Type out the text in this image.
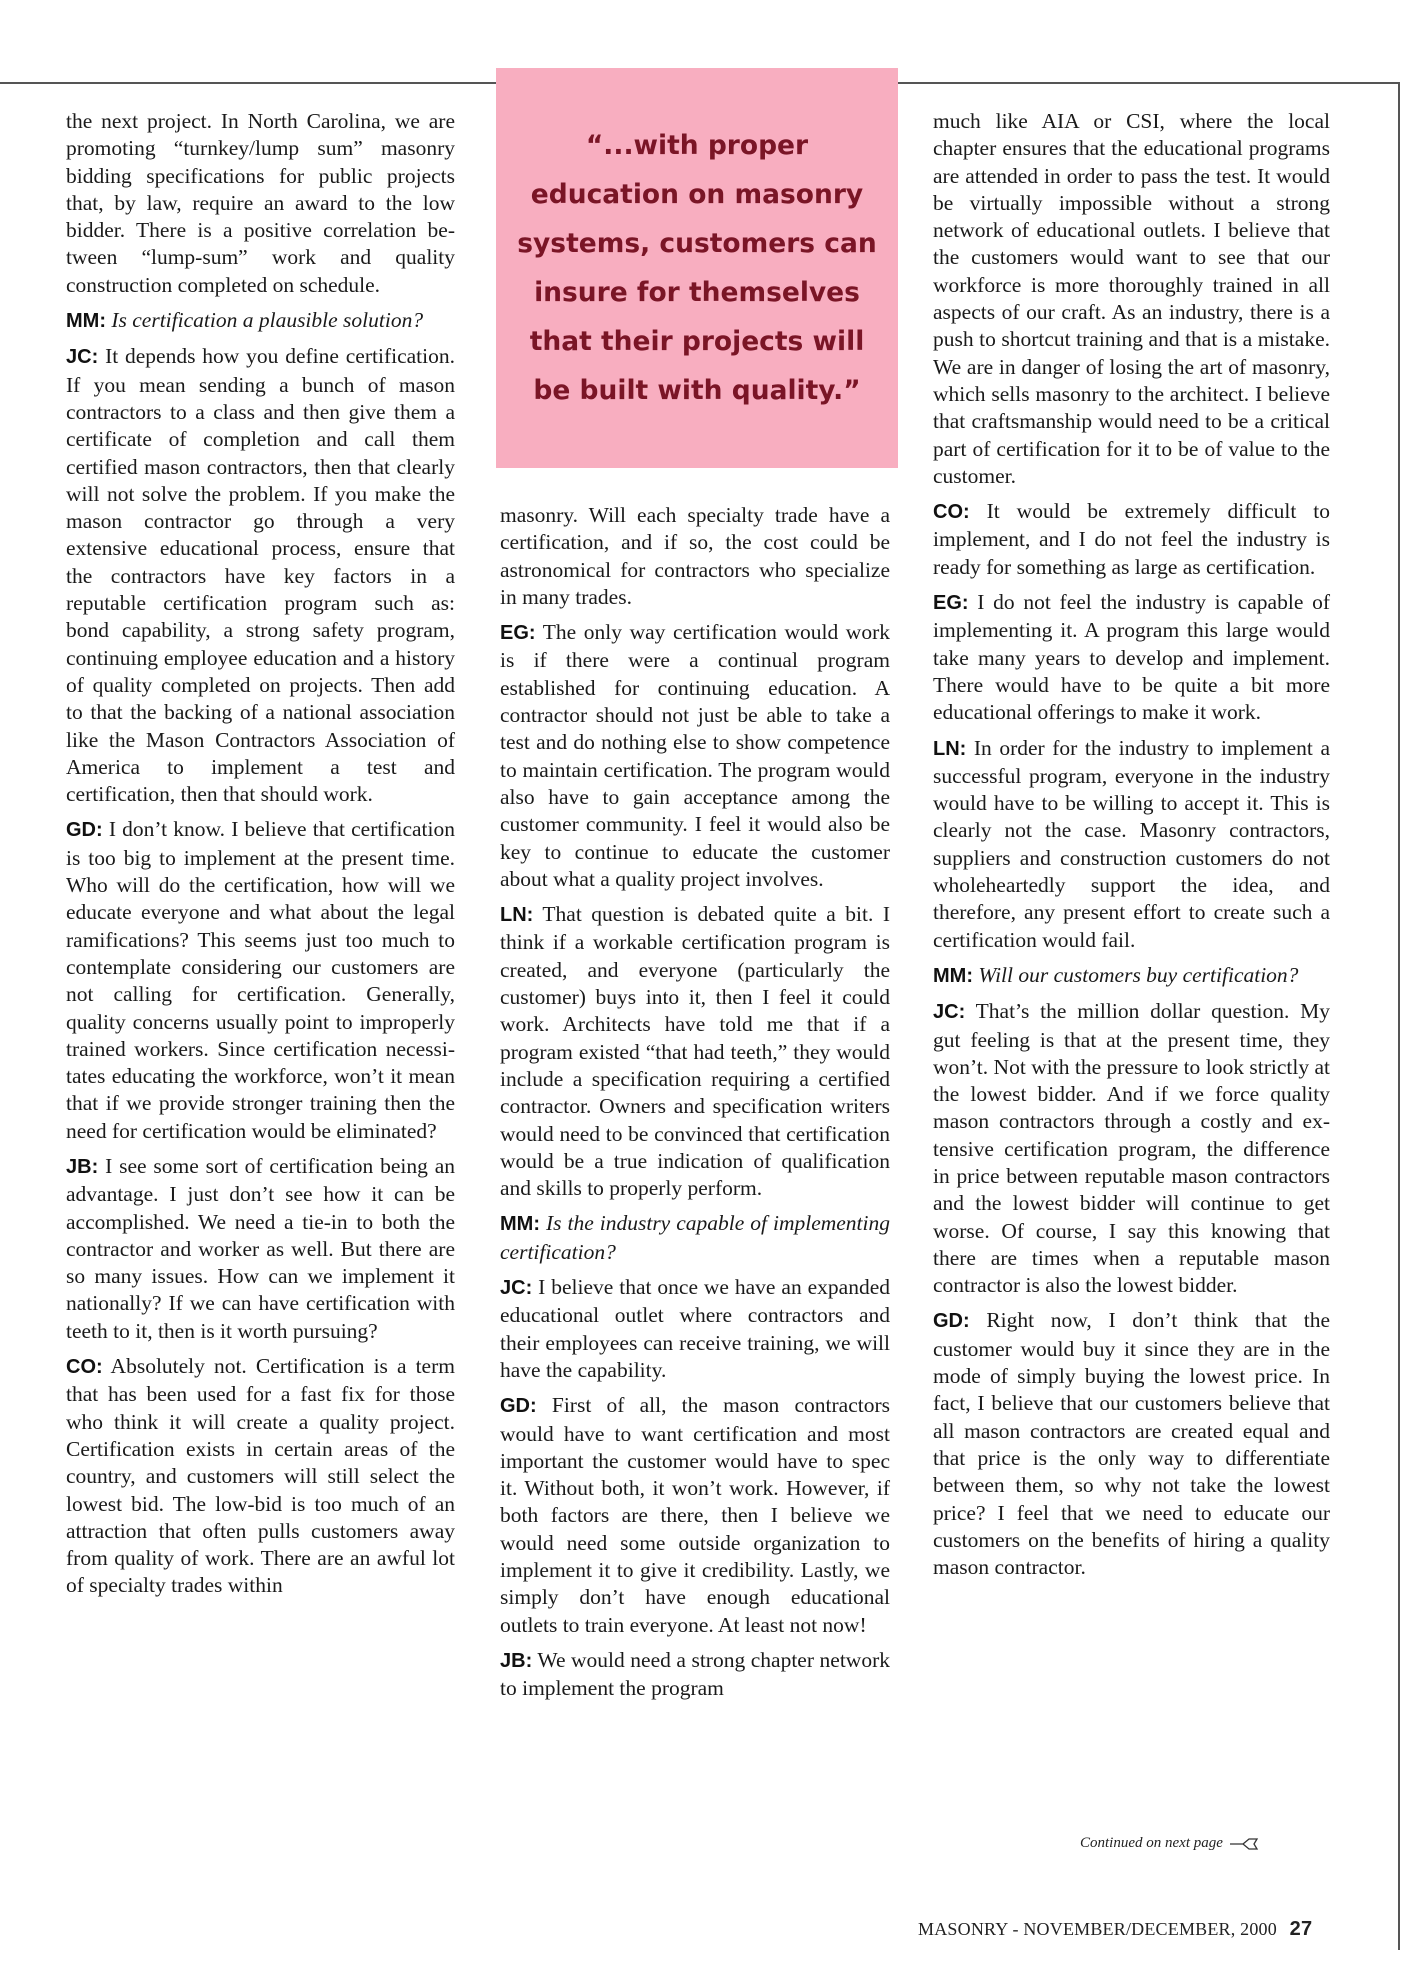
the next project. In North Carolina, we are promoting “turnkey/lump sum” masonry bidding specifications for public projects that, by law, require an award to the low bidder. There is a positive correlation between “lump-sum” work and quality construction completed on schedule.

MM: Is certification a plausible solution?

JC: It depends how you define certification. If you mean sending a bunch of mason contractors to a class and then give them a certificate of completion and call them certified mason contractors, then that clearly will not solve the problem. If you make the mason contractor go through a very extensive educational process, ensure that the contractors have key factors in a reputable certification program such as: bond capability, a strong safety program, continuing employee education and a history of quality completed on projects. Then add to that the backing of a national association like the Mason Contractors Association of America to implement a test and certification, then that should work.

GD: I don’t know. I believe that certification is too big to implement at the present time. Who will do the certification, how will we educate everyone and what about the legal ramifications? This seems just too much to contemplate considering our customers are not calling for certification. Generally, quality concerns usually point to improperly trained workers. Since certification necessitates educating the workforce, won’t it mean that if we provide stronger training then the need for certification would be eliminated?

JB: I see some sort of certification being an advantage. I just don’t see how it can be accomplished. We need a tie-in to both the contractor and worker as well. But there are so many issues. How can we implement it nationally? If we can have certification with teeth to it, then is it worth pursuing?

CO: Absolutely not. Certification is a term that has been used for a fast fix for those who think it will create a quality project. Certification exists in certain areas of the country, and customers will still select the lowest bid. The low-bid is too much of an attraction that often pulls customers away from quality of work. There are an awful lot of specialty trades within

“...with proper education on masonry systems, customers can insure for themselves that their projects will be built with quality.”

masonry. Will each specialty trade have a certification, and if so, the cost could be astronomical for contractors who specialize in many trades.

EG: The only way certification would work is if there were a continual program established for continuing education. A contractor should not just be able to take a test and do nothing else to show competence to maintain certification. The program would also have to gain acceptance among the customer community. I feel it would also be key to continue to educate the customer about what a quality project involves.

LN: That question is debated quite a bit. I think if a workable certification program is created, and everyone (particularly the customer) buys into it, then I feel it could work. Architects have told me that if a program existed “that had teeth,” they would include a specification requiring a certified contractor. Owners and specification writers would need to be convinced that certification would be a true indication of qualification and skills to properly perform.

MM: Is the industry capable of implementing certification?

JC: I believe that once we have an expanded educational outlet where contractors and their employees can receive training, we will have the capability.

GD: First of all, the mason contractors would have to want certification and most important the customer would have to spec it. Without both, it won’t work. However, if both factors are there, then I believe we would need some outside organization to implement it to give it credibility. Lastly, we simply don’t have enough educational outlets to train everyone. At least not now!

JB: We would need a strong chapter network to implement the program

much like AIA or CSI, where the local chapter ensures that the educational programs are attended in order to pass the test. It would be virtually impossible without a strong network of educational outlets. I believe that the customers would want to see that our workforce is more thoroughly trained in all aspects of our craft. As an industry, there is a push to shortcut training and that is a mistake. We are in danger of losing the art of masonry, which sells masonry to the architect. I believe that craftsmanship would need to be a critical part of certification for it to be of value to the customer.

CO: It would be extremely difficult to implement, and I do not feel the industry is ready for something as large as certification.

EG: I do not feel the industry is capable of implementing it. A program this large would take many years to develop and implement. There would have to be quite a bit more educational offerings to make it work.

LN: In order for the industry to implement a successful program, everyone in the industry would have to be willing to accept it. This is clearly not the case. Masonry contractors, suppliers and construction customers do not wholeheartedly support the idea, and therefore, any present effort to create such a certification would fail.

MM: Will our customers buy certification?

JC: That’s the million dollar question. My gut feeling is that at the present time, they won’t. Not with the pressure to look strictly at the lowest bidder. And if we force quality mason contractors through a costly and extensive certification program, the difference in price between reputable mason contractors and the lowest bidder will continue to get worse. Of course, I say this knowing that there are times when a reputable mason contractor is also the lowest bidder.

GD: Right now, I don’t think that the customer would buy it since they are in the mode of simply buying the lowest price. In fact, I believe that our customers believe that all mason contractors are created equal and that price is the only way to differentiate between them, so why not take the lowest price? I feel that we need to educate our customers on the benefits of hiring a quality mason contractor.

Continued on next page
MASONRY - NOVEMBER/DECEMBER, 2000 27
